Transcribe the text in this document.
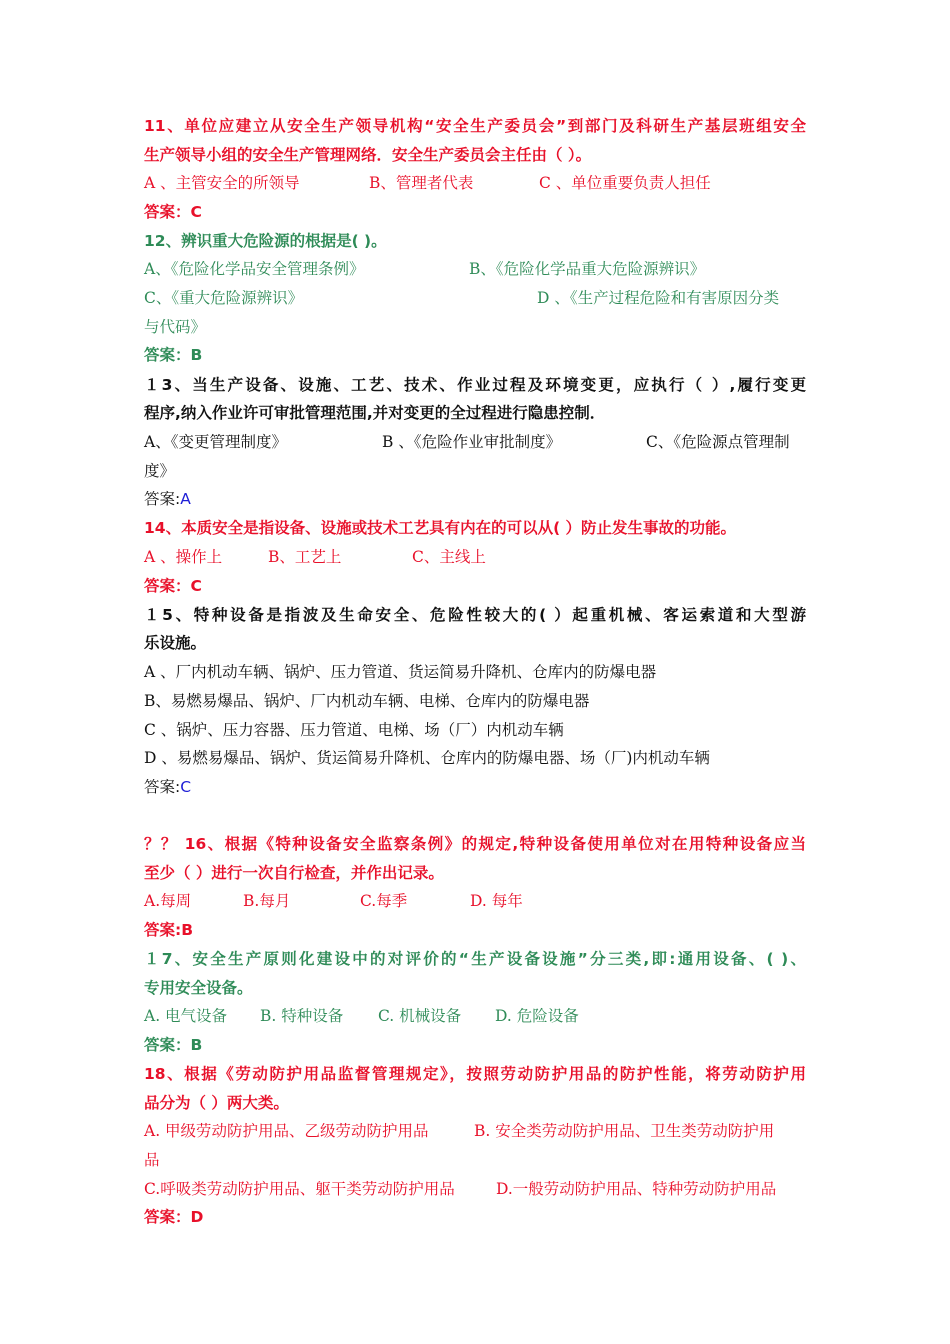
11、单位应建立从安全生产领导机构“安全生产委员会”到部门及科研生产基层班组安全
生产领导小组的安全生产管理网络．安全生产委员会主任由（ ）。
A 、主管安全的所领导	B、管理者代表	C 、单位重要负责人担任
答案：C
12、辨识重大危险源的根据是( )。
A、《危险化学品安全管理条例》	B、《危险化学品重大危险源辨识》
C、《重大危险源辨识》	D 、《生产过程危险和有害原因分类
与代码》
答案：B
１3、当生产设备、设施、工艺、技术、作业过程及环境变更，应执行（ ）,履行变更
程序,纳入作业许可审批管理范围,并对变更的全过程进行隐患控制．
A、《变更管理制度》	B 、《危险作业审批制度》	C、《危险源点管理制
度》
答案:A
14、本质安全是指设备、设施或技术工艺具有内在的可以从( ）防止发生事故的功能。
A 、操作上	B、工艺上	C、主线上
答案：C
１5、特种设备是指波及生命安全、危险性较大的( ）起重机械、客运索道和大型游
乐设施。
A 、厂内机动车辆、锅炉、压力管道、货运简易升降机、仓库内的防爆电器
B、易燃易爆品、锅炉、厂内机动车辆、电梯、仓库内的防爆电器
C 、锅炉、压力容器、压力管道、电梯、场（厂）内机动车辆
D 、易燃易爆品、锅炉、货运简易升降机、仓库内的防爆电器、场（厂)内机动车辆
答案:C
？？ 16、根据《特种设备安全监察条例》的规定,特种设备使用单位对在用特种设备应当
至少（ ）进行一次自行检查，并作出记录。
A.每周	B.每月	C.每季	D. 每年
答案:B
１7、安全生产原则化建设中的对评价的“生产设备设施”分三类,即:通用设备、( )、
专用安全设备。
A. 电气设备 B. 特种设备 C. 机械设备 D. 危险设备
答案：B
18、根据《劳动防护用品监督管理规定》，按照劳动防护用品的防护性能，将劳动防护用
品分为（ ）两大类。
A. 甲级劳动防护用品、乙级劳动防护用品	B. 安全类劳动防护用品、卫生类劳动防护用
品
C.呼吸类劳动防护用品、躯干类劳动防护用品	D.一般劳动防护用品、特种劳动防护用品
答案：D
